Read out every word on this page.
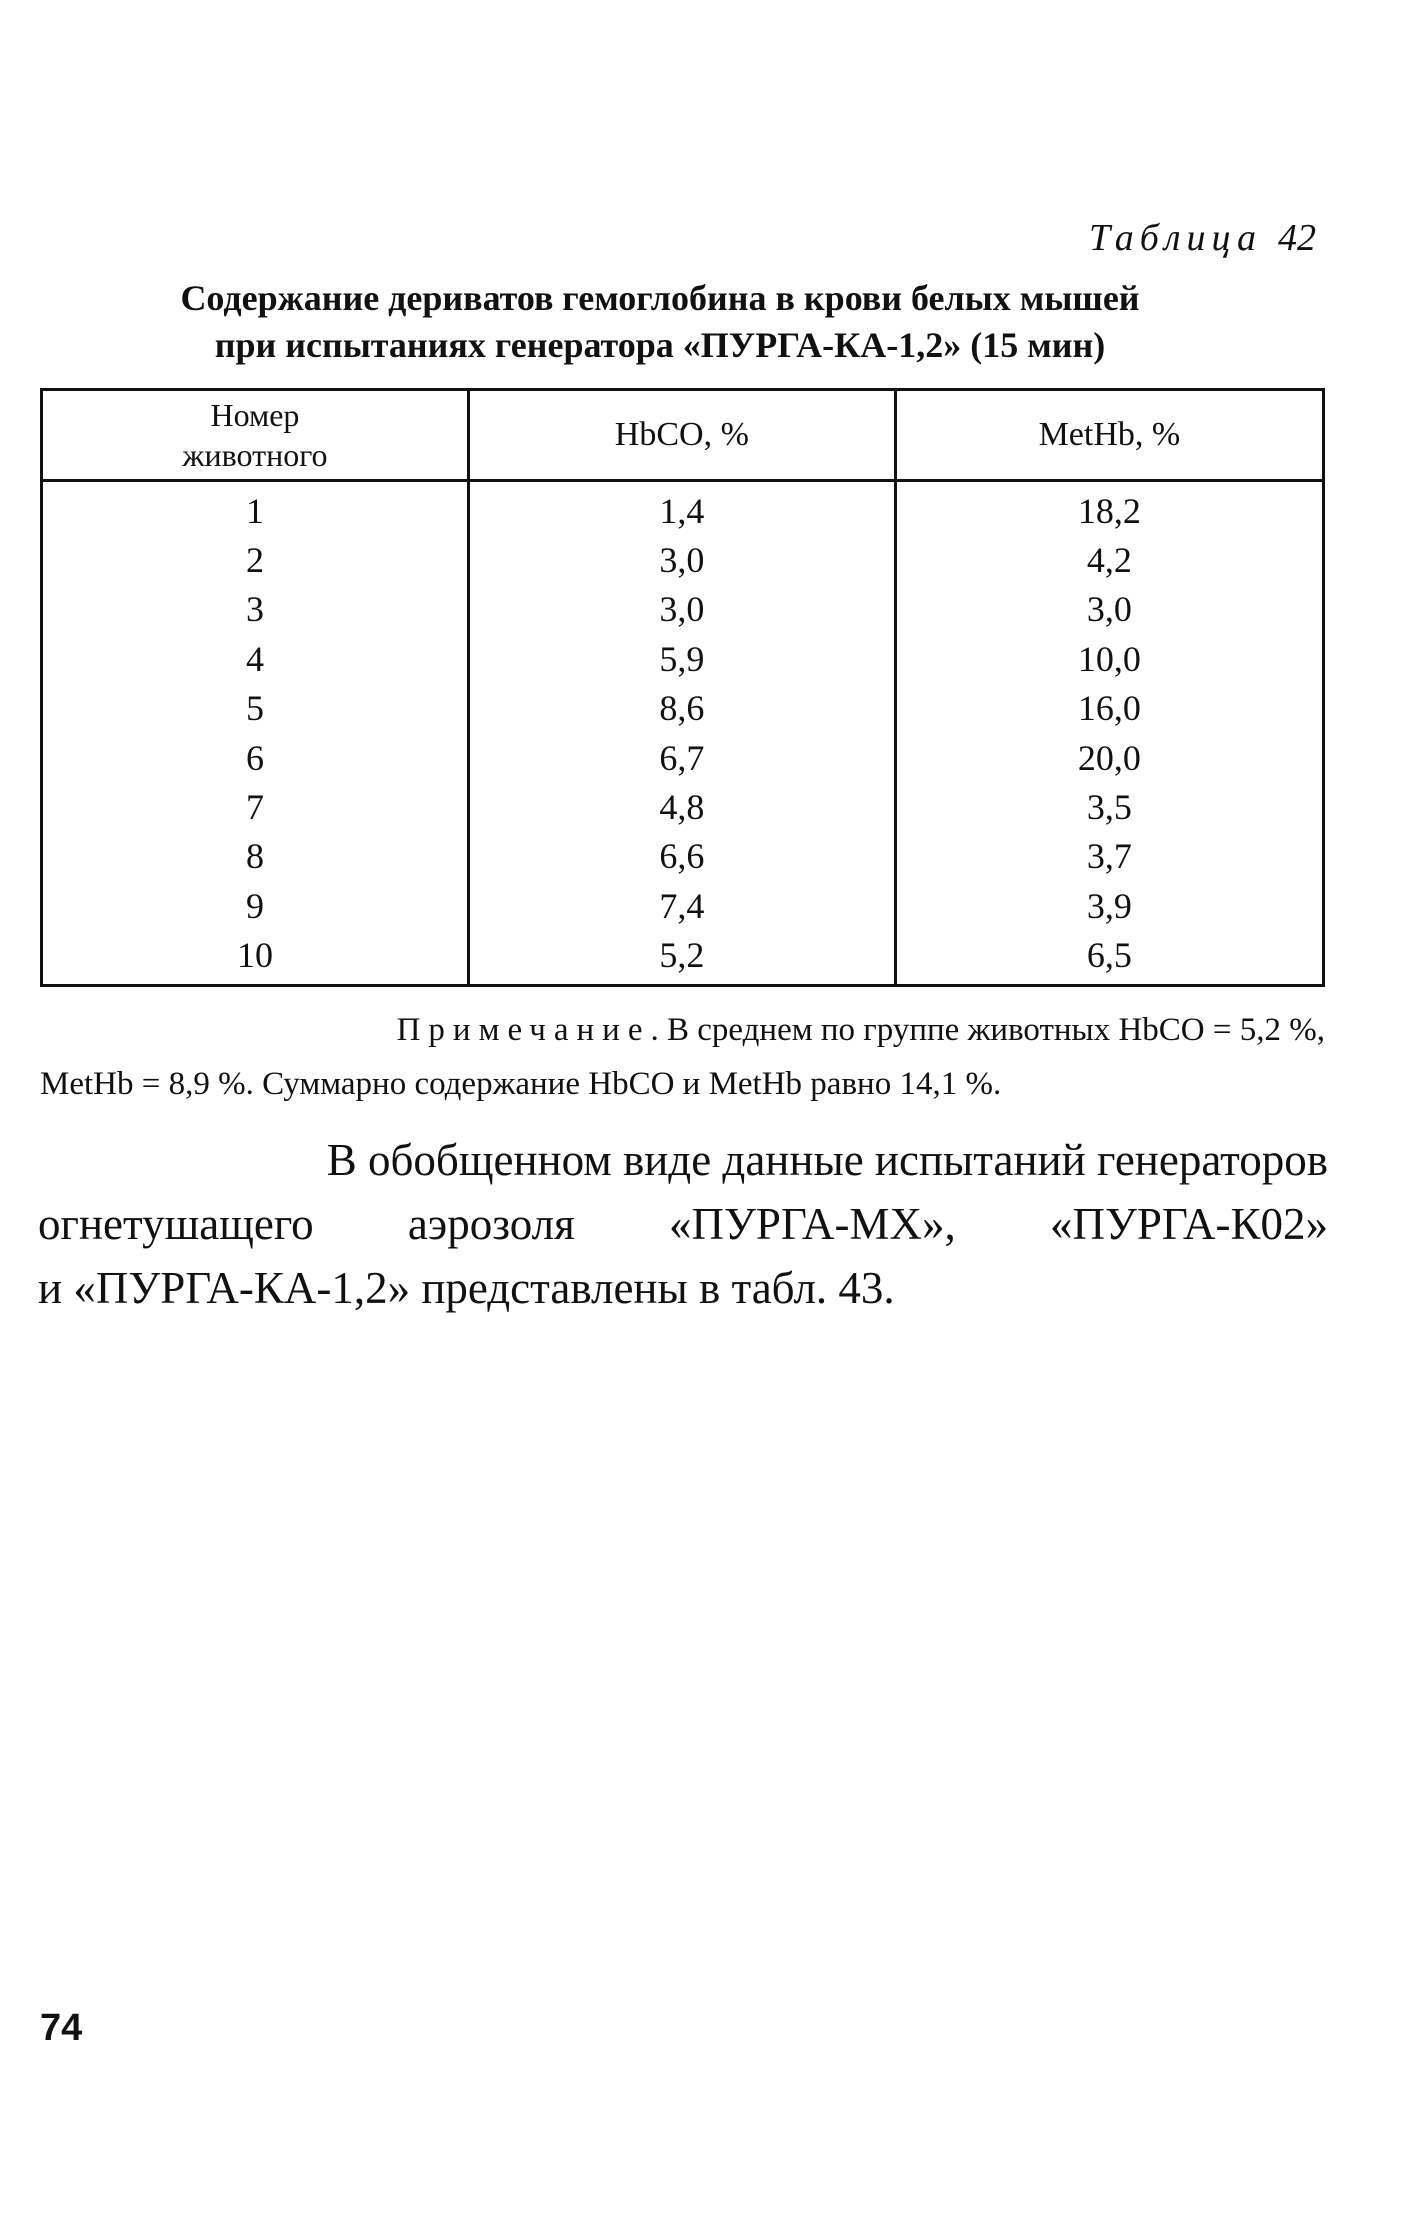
Таблица 42
Содержание дериватов гемоглобина в крови белых мышей
при испытаниях генератора «ПУРГА-КА-1,2» (15 мин)
Номер
животного	HbCO, %	MetHb, %
1	1,4	18,2
2	3,0	4,2
3	3,0	3,0
4	5,9	10,0
5	8,6	16,0
6	6,7	20,0
7	4,8	3,5
8	6,6	3,7
9	7,4	3,9
10	5,2	6,5
Примечание. В среднем по группе животных HbCO = 5,2 %,
MetHb = 8,9 %. Суммарно содержание HbCO и MetHb равно 14,1 %.
В обобщенном виде данные испытаний генераторов
огнетушащего аэрозоля «ПУРГА-МХ», «ПУРГА-К02»
и «ПУРГА-КА-1,2» представлены в табл. 43.
74
